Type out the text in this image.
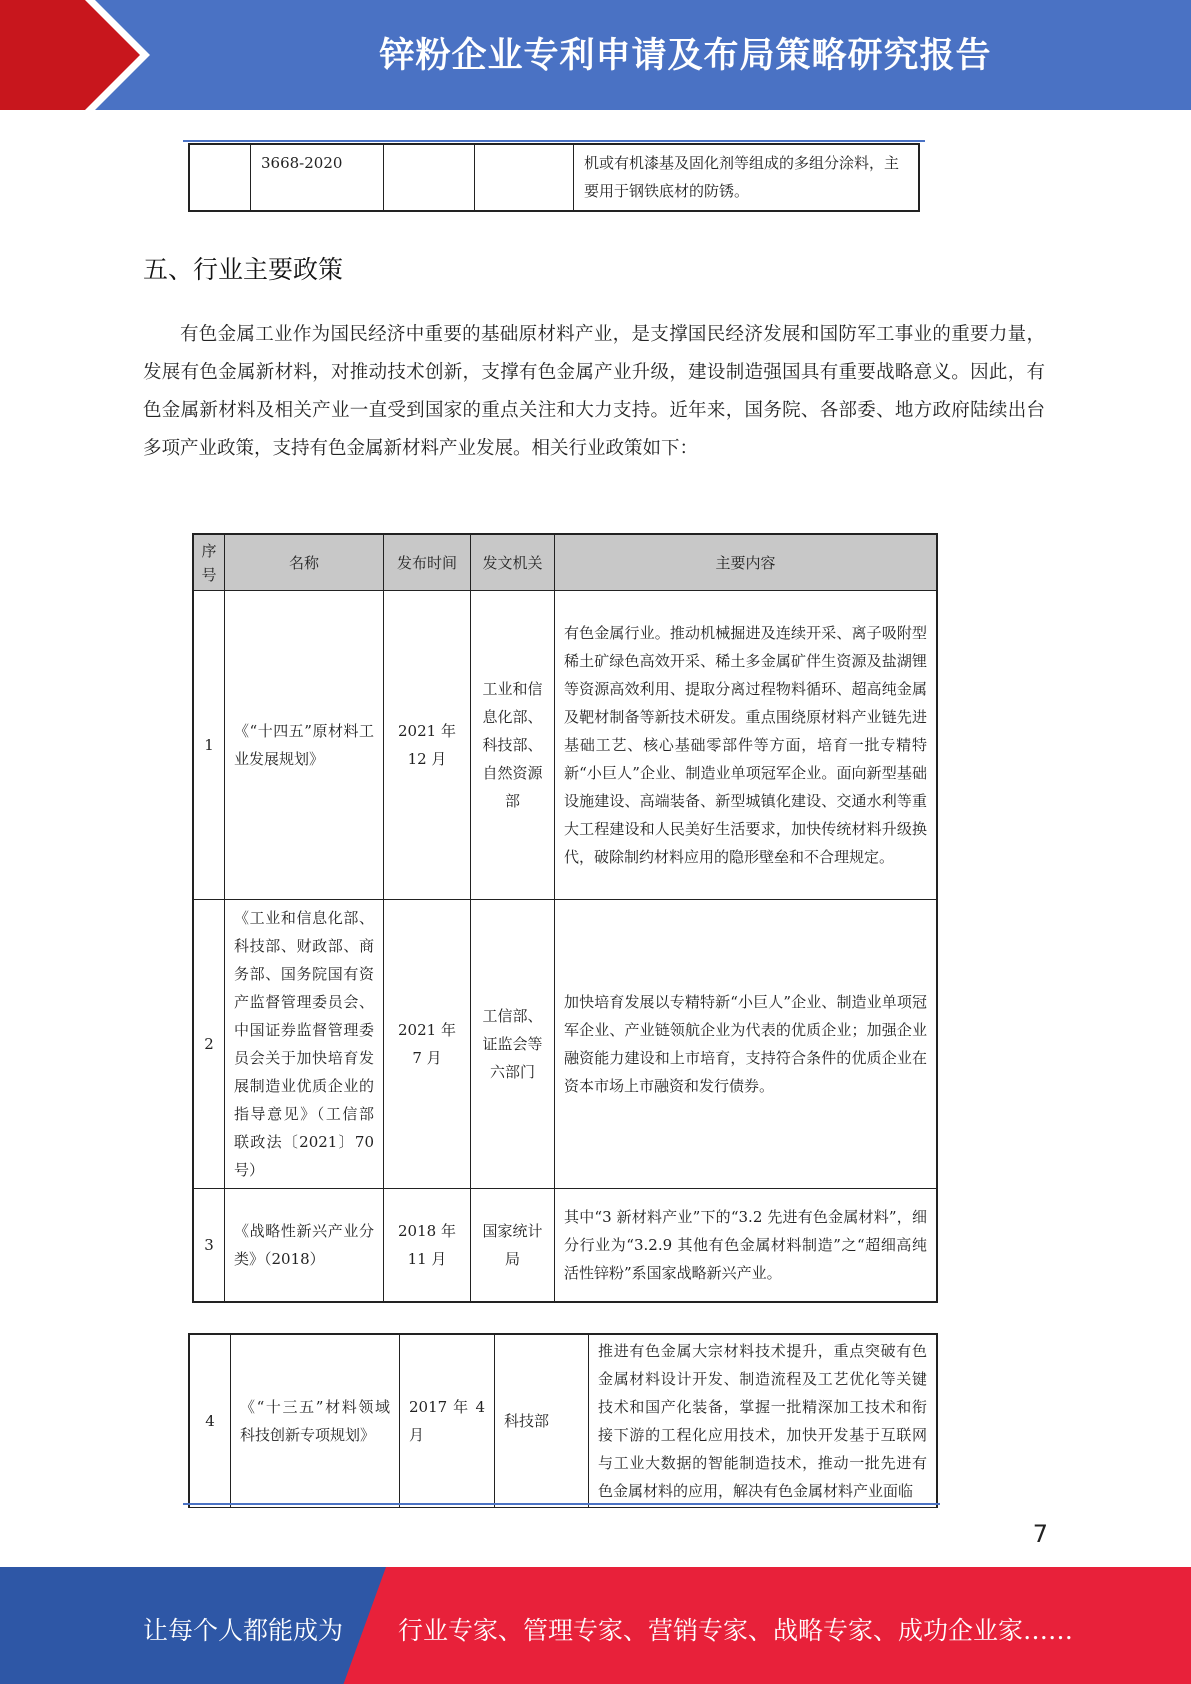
锌粉企业专利申请及布局策略研究报告
	3668-2020			机或有机漆基及固化剂等组成的多组分涂料，主要用于钢铁底材的防锈。
五、行业主要政策

有色金属工业作为国民经济中重要的基础原材料产业，是支撑国民经济发展和国防军工事业的重要力量，发展有色金属新材料，对推动技术创新，支撑有色金属产业升级，建设制造强国具有重要战略意义。因此，有色金属新材料及相关产业一直受到国家的重点关注和大力支持。近年来，国务院、各部委、地方政府陆续出台多项产业政策，支持有色金属新材料产业发展。相关行业政策如下：

序号	名称	发布时间	发文机关	主要内容
1	《“十四五”原材料工业发展规划》	2021 年 12 月	工业和信息化部、科技部、自然资源部	有色金属行业。推动机械掘进及连续开采、离子吸附型稀土矿绿色高效开采、稀土多金属矿伴生资源及盐湖锂等资源高效利用、提取分离过程物料循环、超高纯金属及靶材制备等新技术研发。重点围绕原材料产业链先进基础工艺、核心基础零部件等方面，培育一批专精特新“小巨人”企业、制造业单项冠军企业。面向新型基础设施建设、高端装备、新型城镇化建设、交通水利等重大工程建设和人民美好生活要求，加快传统材料升级换代，破除制约材料应用的隐形壁垒和不合理规定。
2	《工业和信息化部、科技部、财政部、商务部、国务院国有资产监督管理委员会、中国证券监督管理委员会关于加快培育发展制造业优质企业的指导意见》（工信部联政法〔2021〕70 号）	2021 年 7 月	工信部、证监会等六部门	加快培育发展以专精特新“小巨人”企业、制造业单项冠军企业、产业链领航企业为代表的优质企业；加强企业融资能力建设和上市培育，支持符合条件的优质企业在资本市场上市融资和发行债券。
3	《战略性新兴产业分类》（2018）	2018 年 11 月	国家统计局	其中“3 新材料产业”下的“3.2 先进有色金属材料”，细分行业为“3.2.9 其他有色金属材料制造”之“超细高纯活性锌粉”系国家战略新兴产业。
4	《“十三五”材料领域科技创新专项规划》	2017 年 4 月	科技部	推进有色金属大宗材料技术提升，重点突破有色金属材料设计开发、制造流程及工艺优化等关键技术和国产化装备，掌握一批精深加工技术和衔接下游的工程化应用技术，加快开发基于互联网与工业大数据的智能制造技术，推动一批先进有色金属材料的应用，解决有色金属材料产业面临
7
让每个人都能成为 行业专家、管理专家、营销专家、战略专家、成功企业家……
